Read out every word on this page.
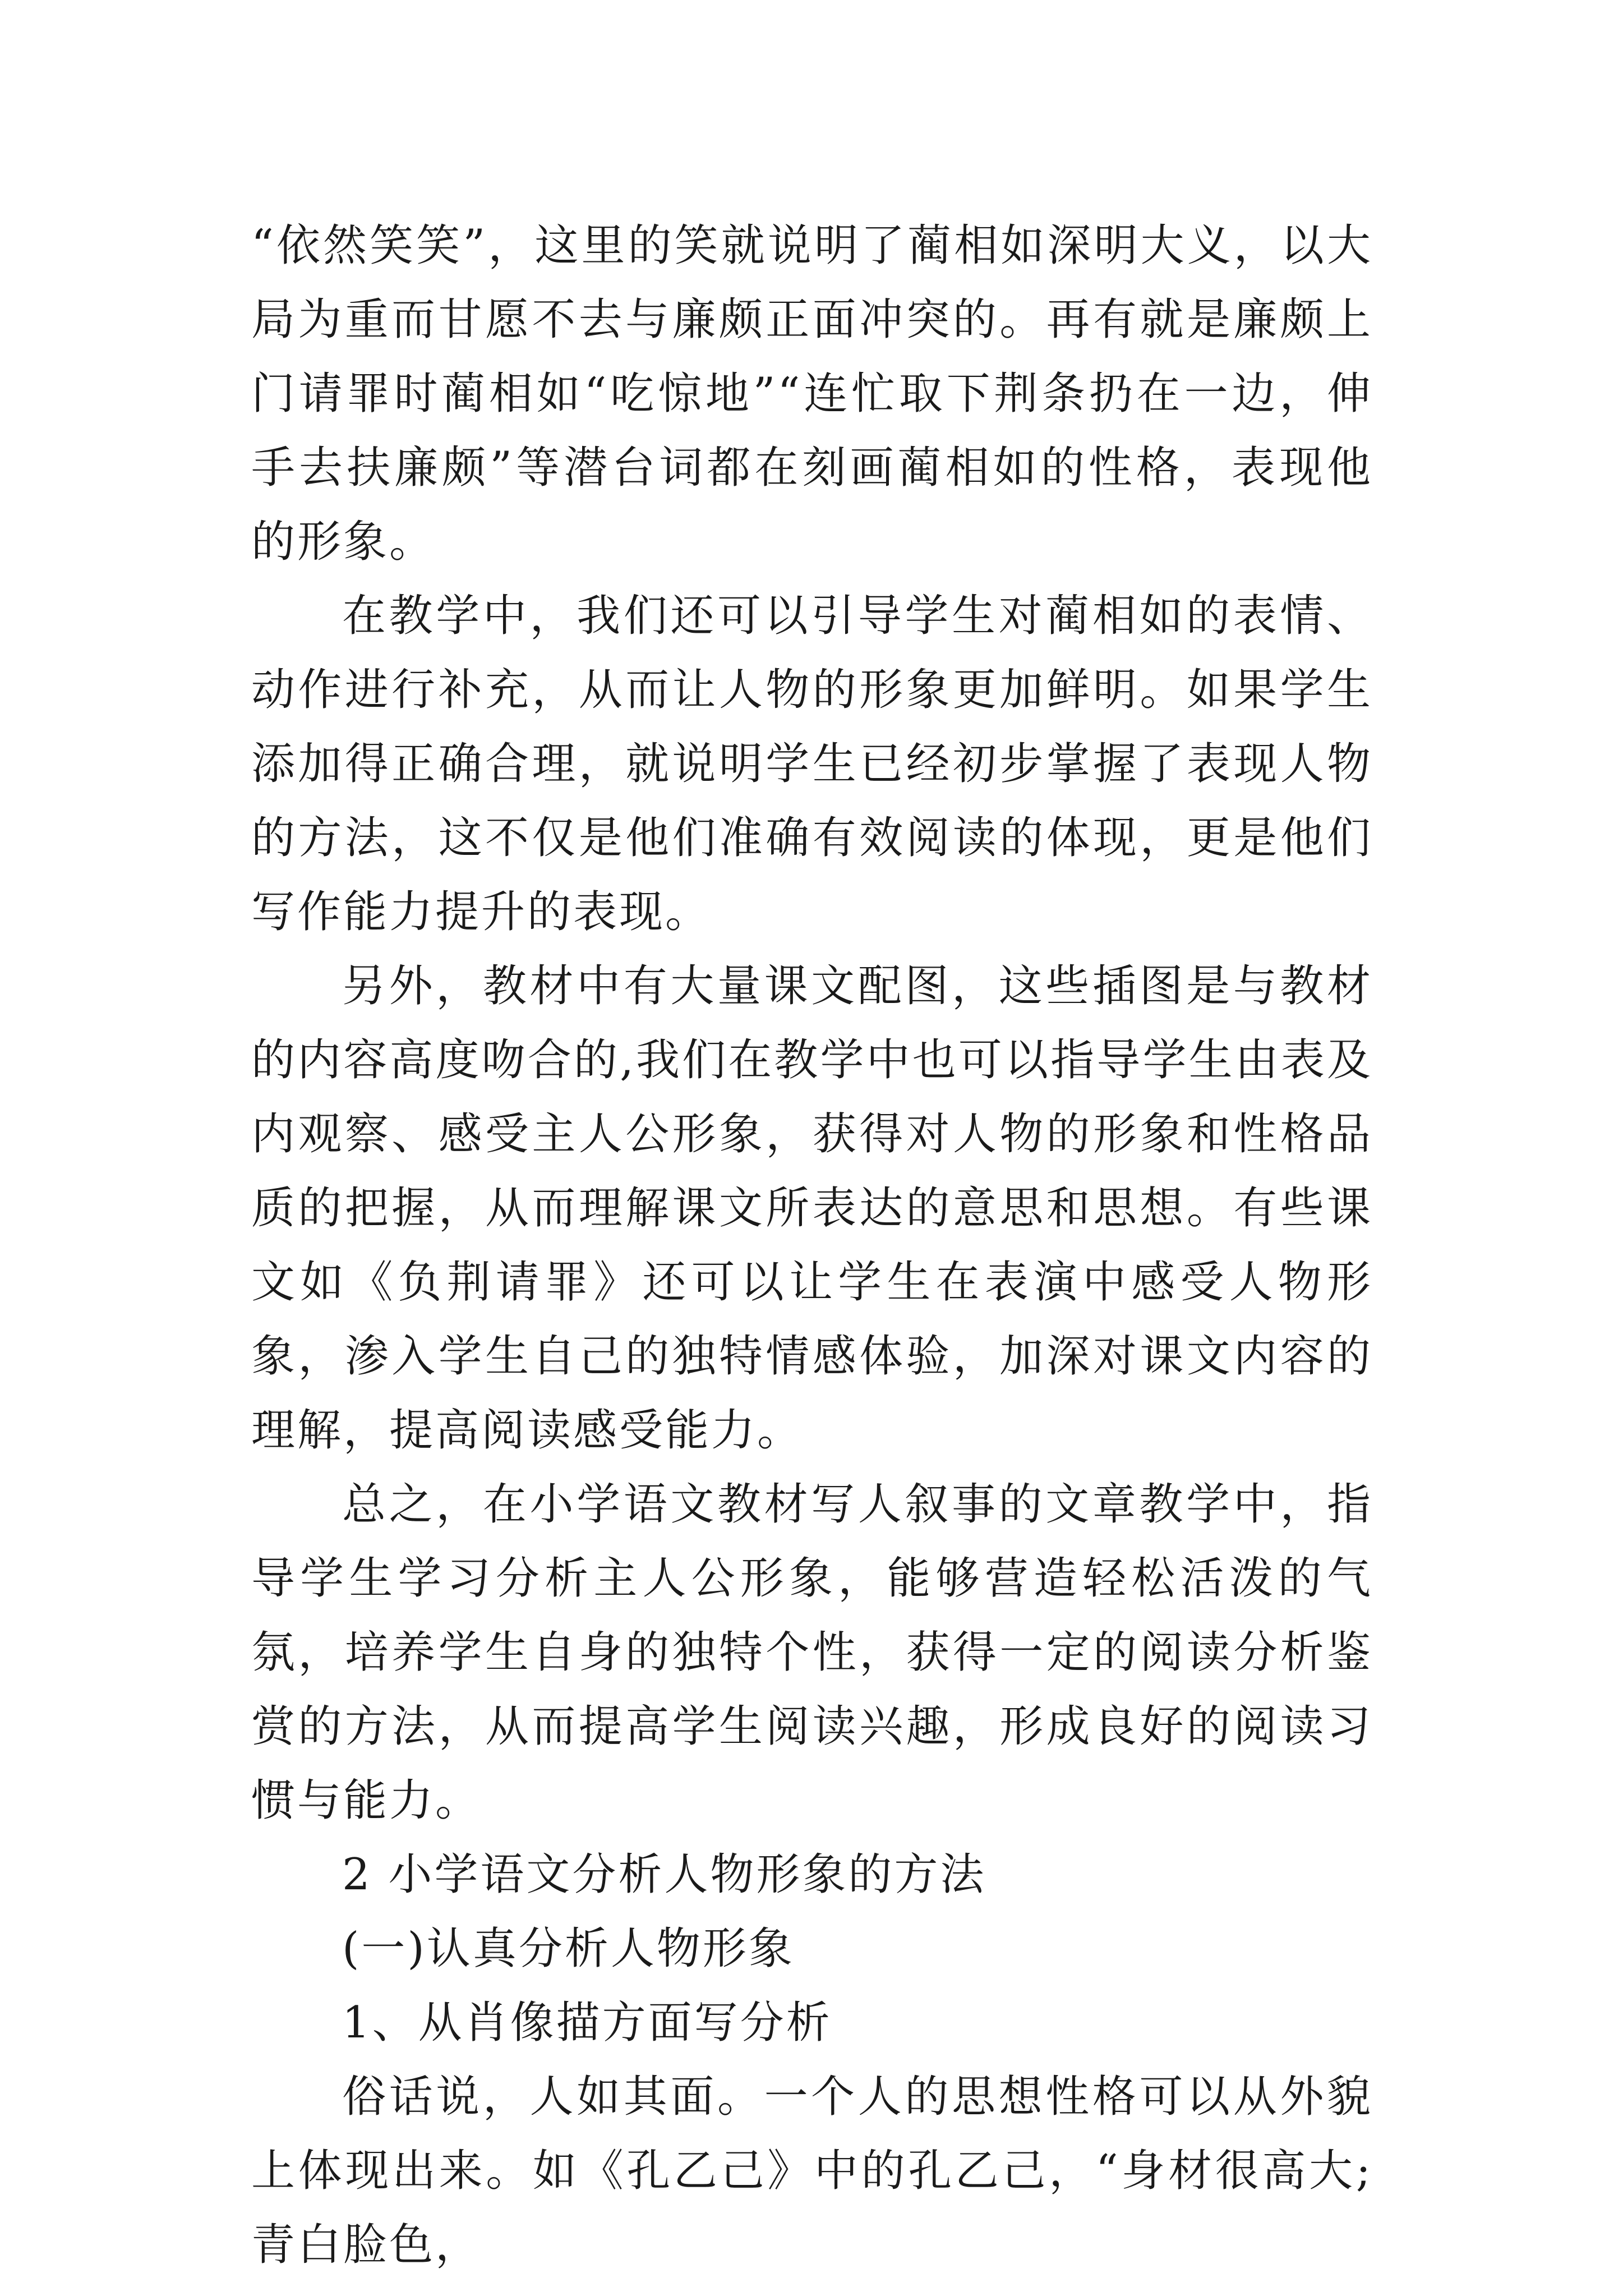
“依然笑笑”，这里的笑就说明了蔺相如深明大义，以大局为重而甘愿不去与廉颇正面冲突的。再有就是廉颇上门请罪时蔺相如“吃惊地”“连忙取下荆条扔在一边，伸手去扶廉颇”等潜台词都在刻画蔺相如的性格，表现他的形象。

在教学中，我们还可以引导学生对蔺相如的表情、动作进行补充，从而让人物的形象更加鲜明。如果学生添加得正确合理，就说明学生已经初步掌握了表现人物的方法，这不仅是他们准确有效阅读的体现，更是他们写作能力提升的表现。

另外，教材中有大量课文配图，这些插图是与教材的内容高度吻合的,我们在教学中也可以指导学生由表及内观察、感受主人公形象，获得对人物的形象和性格品质的把握，从而理解课文所表达的意思和思想。有些课文如《负荆请罪》还可以让学生在表演中感受人物形象，渗入学生自己的独特情感体验，加深对课文内容的理解，提高阅读感受能力。

总之，在小学语文教材写人叙事的文章教学中，指导学生学习分析主人公形象，能够营造轻松活泼的气氛，培养学生自身的独特个性，获得一定的阅读分析鉴赏的方法，从而提高学生阅读兴趣，形成良好的阅读习惯与能力。

2 小学语文分析人物形象的方法

(一)认真分析人物形象

1、从肖像描方面写分析

俗话说，人如其面。一个人的思想性格可以从外貌上体现出来。如《孔乙己》中的孔乙己，“身材很高大;青白脸色，
